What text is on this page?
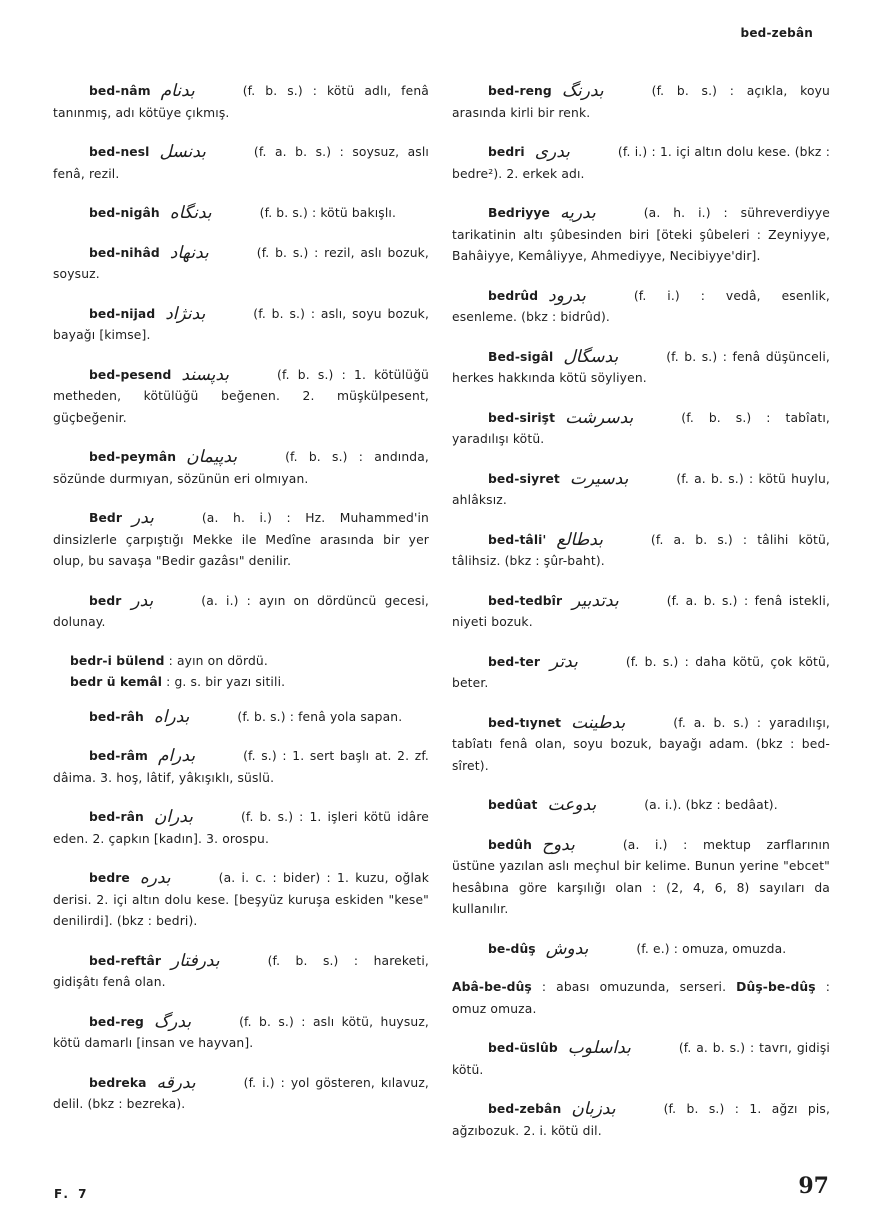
bed-zebân
bed-nâm بدنام	(f. b. s.) : kötü adlı, fenâ tanınmış, adı kötüye çıkmış.
bed-nesl بدنسل	(f. a. b. s.) : soysuz, aslı fenâ, rezil.
bed-nigâh بدنگاه	(f. b. s.) : kötü bakışlı.
bed-nihâd بدنهاد	(f. b. s.) : rezil, aslı bozuk, soysuz.
bed-nijad بدنژاد	(f. b. s.) : aslı, soyu bozuk, bayağı [kimse].
bed-pesend بدپسند	(f. b. s.) : 1. kötülüğü metheden, kötülüğü beğenen. 2. müşkülpesent, güçbeğenir.
bed-peymân بدپیمان	(f. b. s.) : andında, sözünde durmıyan, sözünün eri olmıyan.
Bedr بدر	(a. h. i.) : Hz. Muhammed'in dinsizlerle çarpıştığı Mekke ile Medîne arasında bir yer olup, bu savaşa "Bedir gazâsı" denilir.
bedr بدر	(a. i.) : ayın on dördüncü gecesi, dolunay.
bedr-i bülend : ayın on dördü.
bedr ü kemâl : g. s. bir yazı sitili.
bed-râh بدراه	(f. b. s.) : fenâ yola sapan.
bed-râm بدرام	(f. s.) : 1. sert başlı at. 2. zf. dâima. 3. hoş, lâtif, yâkışıklı, süslü.
bed-rân بدران	(f. b. s.) : 1. işleri kötü idâre eden. 2. çapkın [kadın]. 3. orospu.
bedre بدره	(a. i. c. : bider) : 1. kuzu, oğlak derisi. 2. içi altın dolu kese. [beşyüz kuruşa eskiden "kese" denilirdi]. (bkz : bedri).
bed-reftâr بدرفتار	(f. b. s.) : hareketi, gidişâtı fenâ olan.
bed-reg بدرگ	(f. b. s.) : aslı kötü, huysuz, kötü damarlı [insan ve hayvan].
bedreka بدرقه	(f. i.) : yol gösteren, kılavuz, delil. (bkz : bezreka).
bed-reng بدرنگ	(f. b. s.) : açıkla, koyu arasında kirli bir renk.
bedri بدری	(f. i.) : 1. içi altın dolu kese. (bkz : bedre²). 2. erkek adı.
Bedriyye بدریه	(a. h. i.) : sühreverdiyye tarikatinin altı şûbesinden biri [öteki şûbeleri : Zeyniyye, Bahâiyye, Kemâliyye, Ahmediyye, Necibiyye'dir].
bedrûd بدرود	(f. i.) : vedâ, esenlik, esenleme. (bkz : bidrûd).
Bed-sigâl بدسگال	(f. b. s.) : fenâ düşünceli, herkes hakkında kötü söyliyen.
bed-sirişt بدسرشت	(f. b. s.) : tabîatı, yaradılışı kötü.
bed-siyret بدسیرت	(f. a. b. s.) : kötü huylu, ahlâksız.
bed-tâli' بدطالع	(f. a. b. s.) : tâlihi kötü, tâlihsiz. (bkz : şûr-baht).
bed-tedbîr بدتدبیر	(f. a. b. s.) : fenâ istekli, niyeti bozuk.
bed-ter بدتر	(f. b. s.) : daha kötü, çok kötü, beter.
bed-tıynet بدطینت	(f. a. b. s.) : yaradılışı, tabîatı fenâ olan, soyu bozuk, bayağı adam. (bkz : bed-sîret).
bedûat بدوعت	(a. i.). (bkz : bedâat).
bedûh بدوح	(a. i.) : mektup zarflarının üstüne yazılan aslı meçhul bir kelime. Bunun yerine "ebcet" hesâbına göre karşılığı olan : (2, 4, 6, 8) sayıları da kullanılır.
be-dûş بدوش	(f. e.) : omuza, omuzda.
Abâ-be-dûş : abası omuzunda, serseri. Dûş-be-dûş : omuz omuza.
bed-üslûb بداسلوب	(f. a. b. s.) : tavrı, gidişi kötü.
bed-zebân بدزبان	(f. b. s.) : 1. ağzı pis, ağzıbozuk. 2. i. kötü dil.
F. 7	97
